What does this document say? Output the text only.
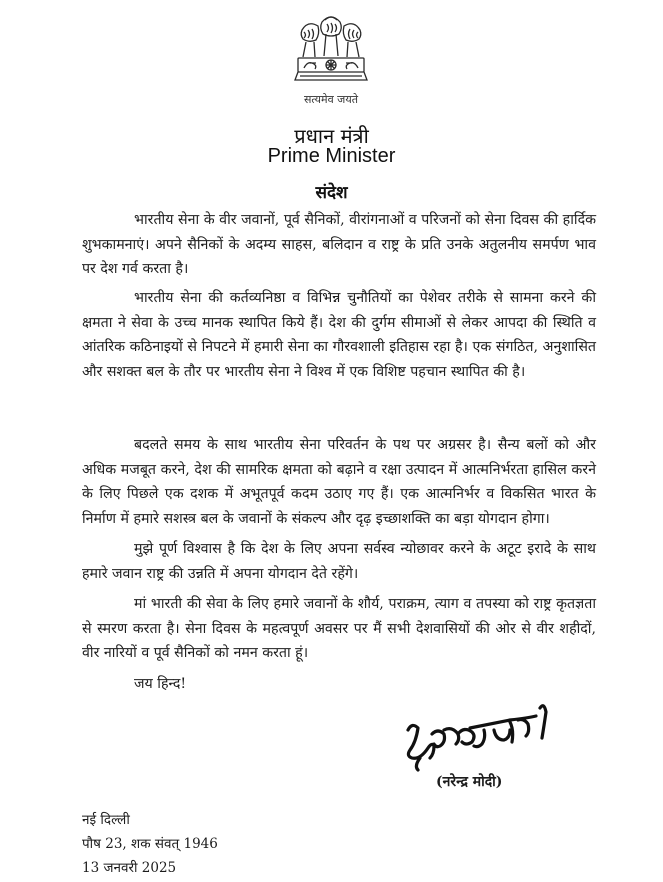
सत्यमेव जयते
प्रधान मंत्री
Prime Minister
संदेश

भारतीय सेना के वीर जवानों, पूर्व सैनिकों, वीरांगनाओं व परिजनों को सेना दिवस की हार्दिक शुभकामनाएं। अपने सैनिकों के अदम्य साहस, बलिदान व राष्ट्र के प्रति उनके अतुलनीय समर्पण भाव पर देश गर्व करता है।

भारतीय सेना की कर्तव्यनिष्ठा व विभिन्न चुनौतियों का पेशेवर तरीके से सामना करने की क्षमता ने सेवा के उच्च मानक स्थापित किये हैं। देश की दुर्गम सीमाओं से लेकर आपदा की स्थिति व आंतरिक कठिनाइयों से निपटने में हमारी सेना का गौरवशाली इतिहास रहा है। एक संगठित, अनुशासित और सशक्त बल के तौर पर भारतीय सेना ने विश्व में एक विशिष्ट पहचान स्थापित की है।

बदलते समय के साथ भारतीय सेना परिवर्तन के पथ पर अग्रसर है। सैन्य बलों को और अधिक मजबूत करने, देश की सामरिक क्षमता को बढ़ाने व रक्षा उत्पादन में आत्मनिर्भरता हासिल करने के लिए पिछले एक दशक में अभूतपूर्व कदम उठाए गए हैं। एक आत्मनिर्भर व विकसित भारत के निर्माण में हमारे सशस्त्र बल के जवानों के संकल्प और दृढ़ इच्छाशक्ति का बड़ा योगदान होगा।

मुझे पूर्ण विश्वास है कि देश के लिए अपना सर्वस्व न्योछावर करने के अटूट इरादे के साथ हमारे जवान राष्ट्र की उन्नति में अपना योगदान देते रहेंगे।

मां भारती की सेवा के लिए हमारे जवानों के शौर्य, पराक्रम, त्याग व तपस्या को राष्ट्र कृतज्ञता से स्मरण करता है। सेना दिवस के महत्वपूर्ण अवसर पर मैं सभी देशवासियों की ओर से वीर शहीदों, वीर नारियों व पूर्व सैनिकों को नमन करता हूं।

जय हिन्द!
(नरेन्द्र मोदी)
नई दिल्ली
पौष 23, शक संवत् 1946
13 जनवरी 2025
